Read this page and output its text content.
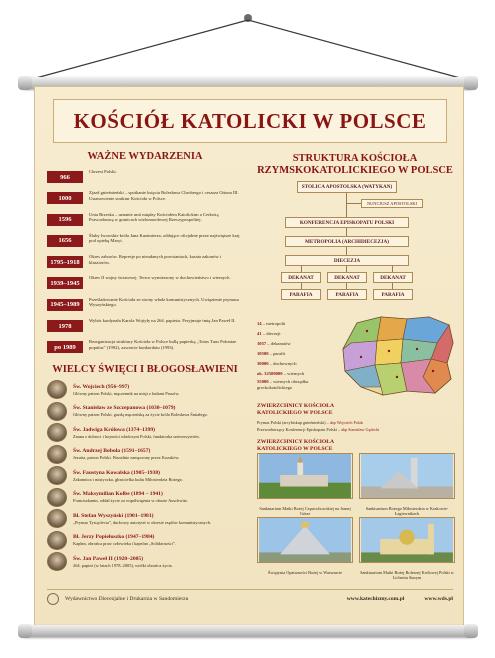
KOŚCIÓŁ KATOLICKI W POLSCE
WAŻNE WYDARZENIA
966
Chrzest Polski.
1000
Zjazd gnieźnieński – spotkanie księcia Bolesława Chrobrego i cesarza Ottona III. Ustanowienie struktur Kościoła w Polsce.
1596
Unia Brzeska – uznanie unii między Kościołem Katolickim a Cerkwią Prawosławną w granicach wielonarodowej Rzeczypospolitej.
1656
Śluby lwowskie króla Jana Kazimierza, oddające oficjalnie przez najświętsze kraj pod opiekę Maryi.
1795–1918
Okres zaborów. Represje po nieudanych powstaniach, kasata zakonów i klasztorów.
1939–1945
Okres II wojny światowej. Terror wymierzony w duchowieństwo i wiernych.
1945–1989
Prześladowanie Kościoła ze strony władz komunistycznych. Uwięzienie prymasa Wyszyńskiego.
1978
Wybór kardynała Karola Wojtyły na 264. papieża. Przyjmuje imię Jan Paweł II.
po 1989
Reorganizacja struktury Kościoła w Polsce bullą papieską „Totus Tuus Poloniae populus” (1992), zawarcie konkordatu (1993).
WIELCY ŚWIĘCI I BŁOGOSŁAWIENI
Św. Wojciech (956–997)
Główny patron Polski, męczennik na misji z ludami Prusów.
Św. Stanisław ze Szczepanowa (1030–1079)
Główny patron Polski, gazdą męczeńską za życie króla Bolesława Śmiałego.
Św. Jadwiga Królowa (1374–1399)
Znana z dobroci i hojności władczyni Polski, fundatorka uniwersytetów.
Św. Andrzej Bobola (1591–1657)
Jezuita, patron Polski. Brutalnie zamęczony przez Kozaków.
Św. Faustyna Kowalska (1905–1938)
Zakonnica i mistyczka, głosicielka kultu Miłosierdzia Bożego.
Św. Maksymilian Kolbe (1894 – 1941)
Franciszkanin, oddał życie za współwięźnia w obozie Auschwitz.
Bł. Stefan Wyszyński (1901–1981)
„Prymas Tysiąclecia”, duchowy autorytet w okresie rządów komunistycznych.
Bł. Jerzy Popiełuszko (1947–1984)
Kapłan, obrońca praw człowieka i kapelan „Solidarności”.
Św. Jan Paweł II (1920–2005)
264. papież (w latach 1978–2005), wielki obrońca życia.
STRUKTURA KOŚCIOŁA
RZYMSKOKATOLICKIEGO W POLSCE
STOLICA APOSTOLSKA (WATYKAN)
NUNCJUSZ APOSTOLSKI
KONFERENCJA EPISKOPATU POLSKI
METROPOLIA (ARCHIDIECEZJA)
DIECEZJA
DEKANAT	DEKANAT	DEKANAT
PARAFIA	PARAFIA	PARAFIA
14 – metropolii
41 – diecezji
1057 – dekanatów
10500 – parafii
30000 – duchownych
ok. 32500000 – wiernych
55000 – wiernych obrządku greckokatolickiego
ZWIERZCHNICY KOŚCIOŁA
KATOLICKIEGO W POLSCE
Prymas Polski (arcybiskup gnieźnieński) – abp Wojciech Polak
Przewodniczący Konferencji Episkopatu Polski – abp Stanisław Gądecki
ZWIERZCHNICY KOŚCIOŁA
KATOLICKIEGO W POLSCE
Sanktuarium Matki Bożej Częstochowskiej na Jasnej Górze
Sanktuarium Bożego Miłosierdzia w Krakowie-Łagiewnikach
Świątynia Opatrzności Bożej w Warszawie	Sanktuarium Matki Bożej Bolesnej Królowej Polski w Licheniu Starym
Wydawnictwo Diecezjalne i Drukarnia w Sandomierzu	www.katechizmy.com.pl	www.wds.pl
